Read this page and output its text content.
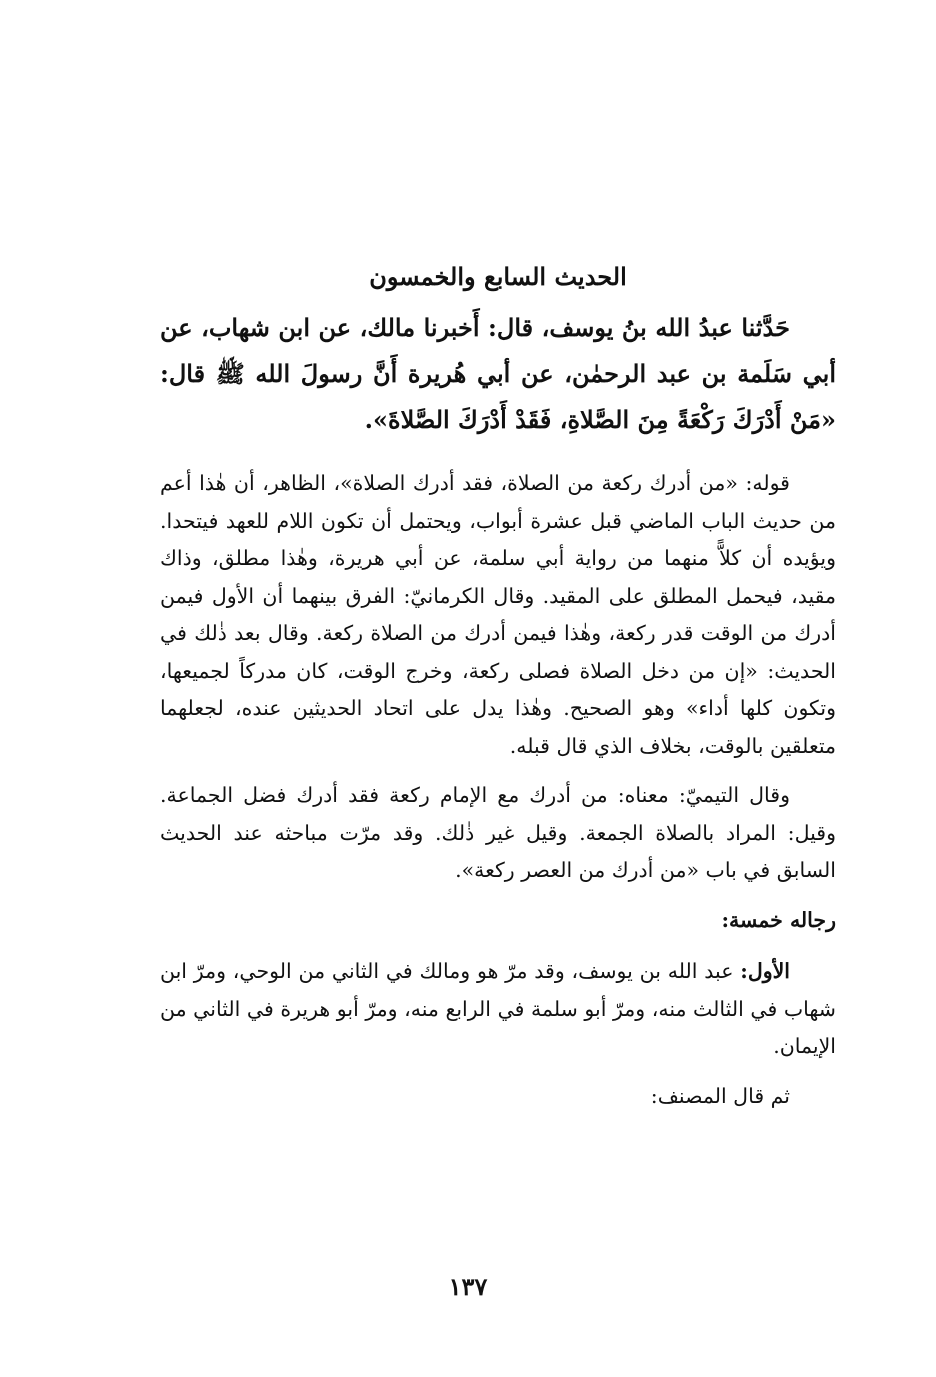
الحديث السابع والخمسون

حَدَّثنا عبدُ الله بنُ يوسف، قال: أَخبرنا مالك، عن ابن شهاب، عن أبي سَلَمة بن عبد الرحمٰن، عن أبي هُريرة أَنَّ رسولَ الله ﷺ قال: «مَنْ أَدْرَكَ رَكْعَةً مِنَ الصَّلاةِ، فَقَدْ أَدْرَكَ الصَّلاةَ».

قوله: «من أدرك ركعة من الصلاة، فقد أدرك الصلاة»، الظاهر، أن هٰذا أعم من حديث الباب الماضي قبل عشرة أبواب، ويحتمل أن تكون اللام للعهد فيتحدا. ويؤيده أن كلاًّ منهما من رواية أبي سلمة، عن أبي هريرة، وهٰذا مطلق، وذاك مقيد، فيحمل المطلق على المقيد. وقال الكرمانيّ: الفرق بينهما أن الأول فيمن أدرك من الوقت قدر ركعة، وهٰذا فيمن أدرك من الصلاة ركعة. وقال بعد ذٰلك في الحديث: «إن من دخل الصلاة فصلى ركعة، وخرج الوقت، كان مدركاً لجميعها، وتكون كلها أداء» وهو الصحيح. وهٰذا يدل على اتحاد الحديثين عنده، لجعلهما متعلقين بالوقت، بخلاف الذي قال قبله.

وقال التيميّ: معناه: من أدرك مع الإمام ركعة فقد أدرك فضل الجماعة. وقيل: المراد بالصلاة الجمعة. وقيل غير ذٰلك. وقد مرّت مباحثه عند الحديث السابق في باب «من أدرك من العصر ركعة».

رجاله خمسة:

الأول: عبد الله بن يوسف، وقد مرّ هو ومالك في الثاني من الوحي، ومرّ ابن شهاب في الثالث منه، ومرّ أبو سلمة في الرابع منه، ومرّ أبو هريرة في الثاني من الإيمان.

ثم قال المصنف:

١٣٧
